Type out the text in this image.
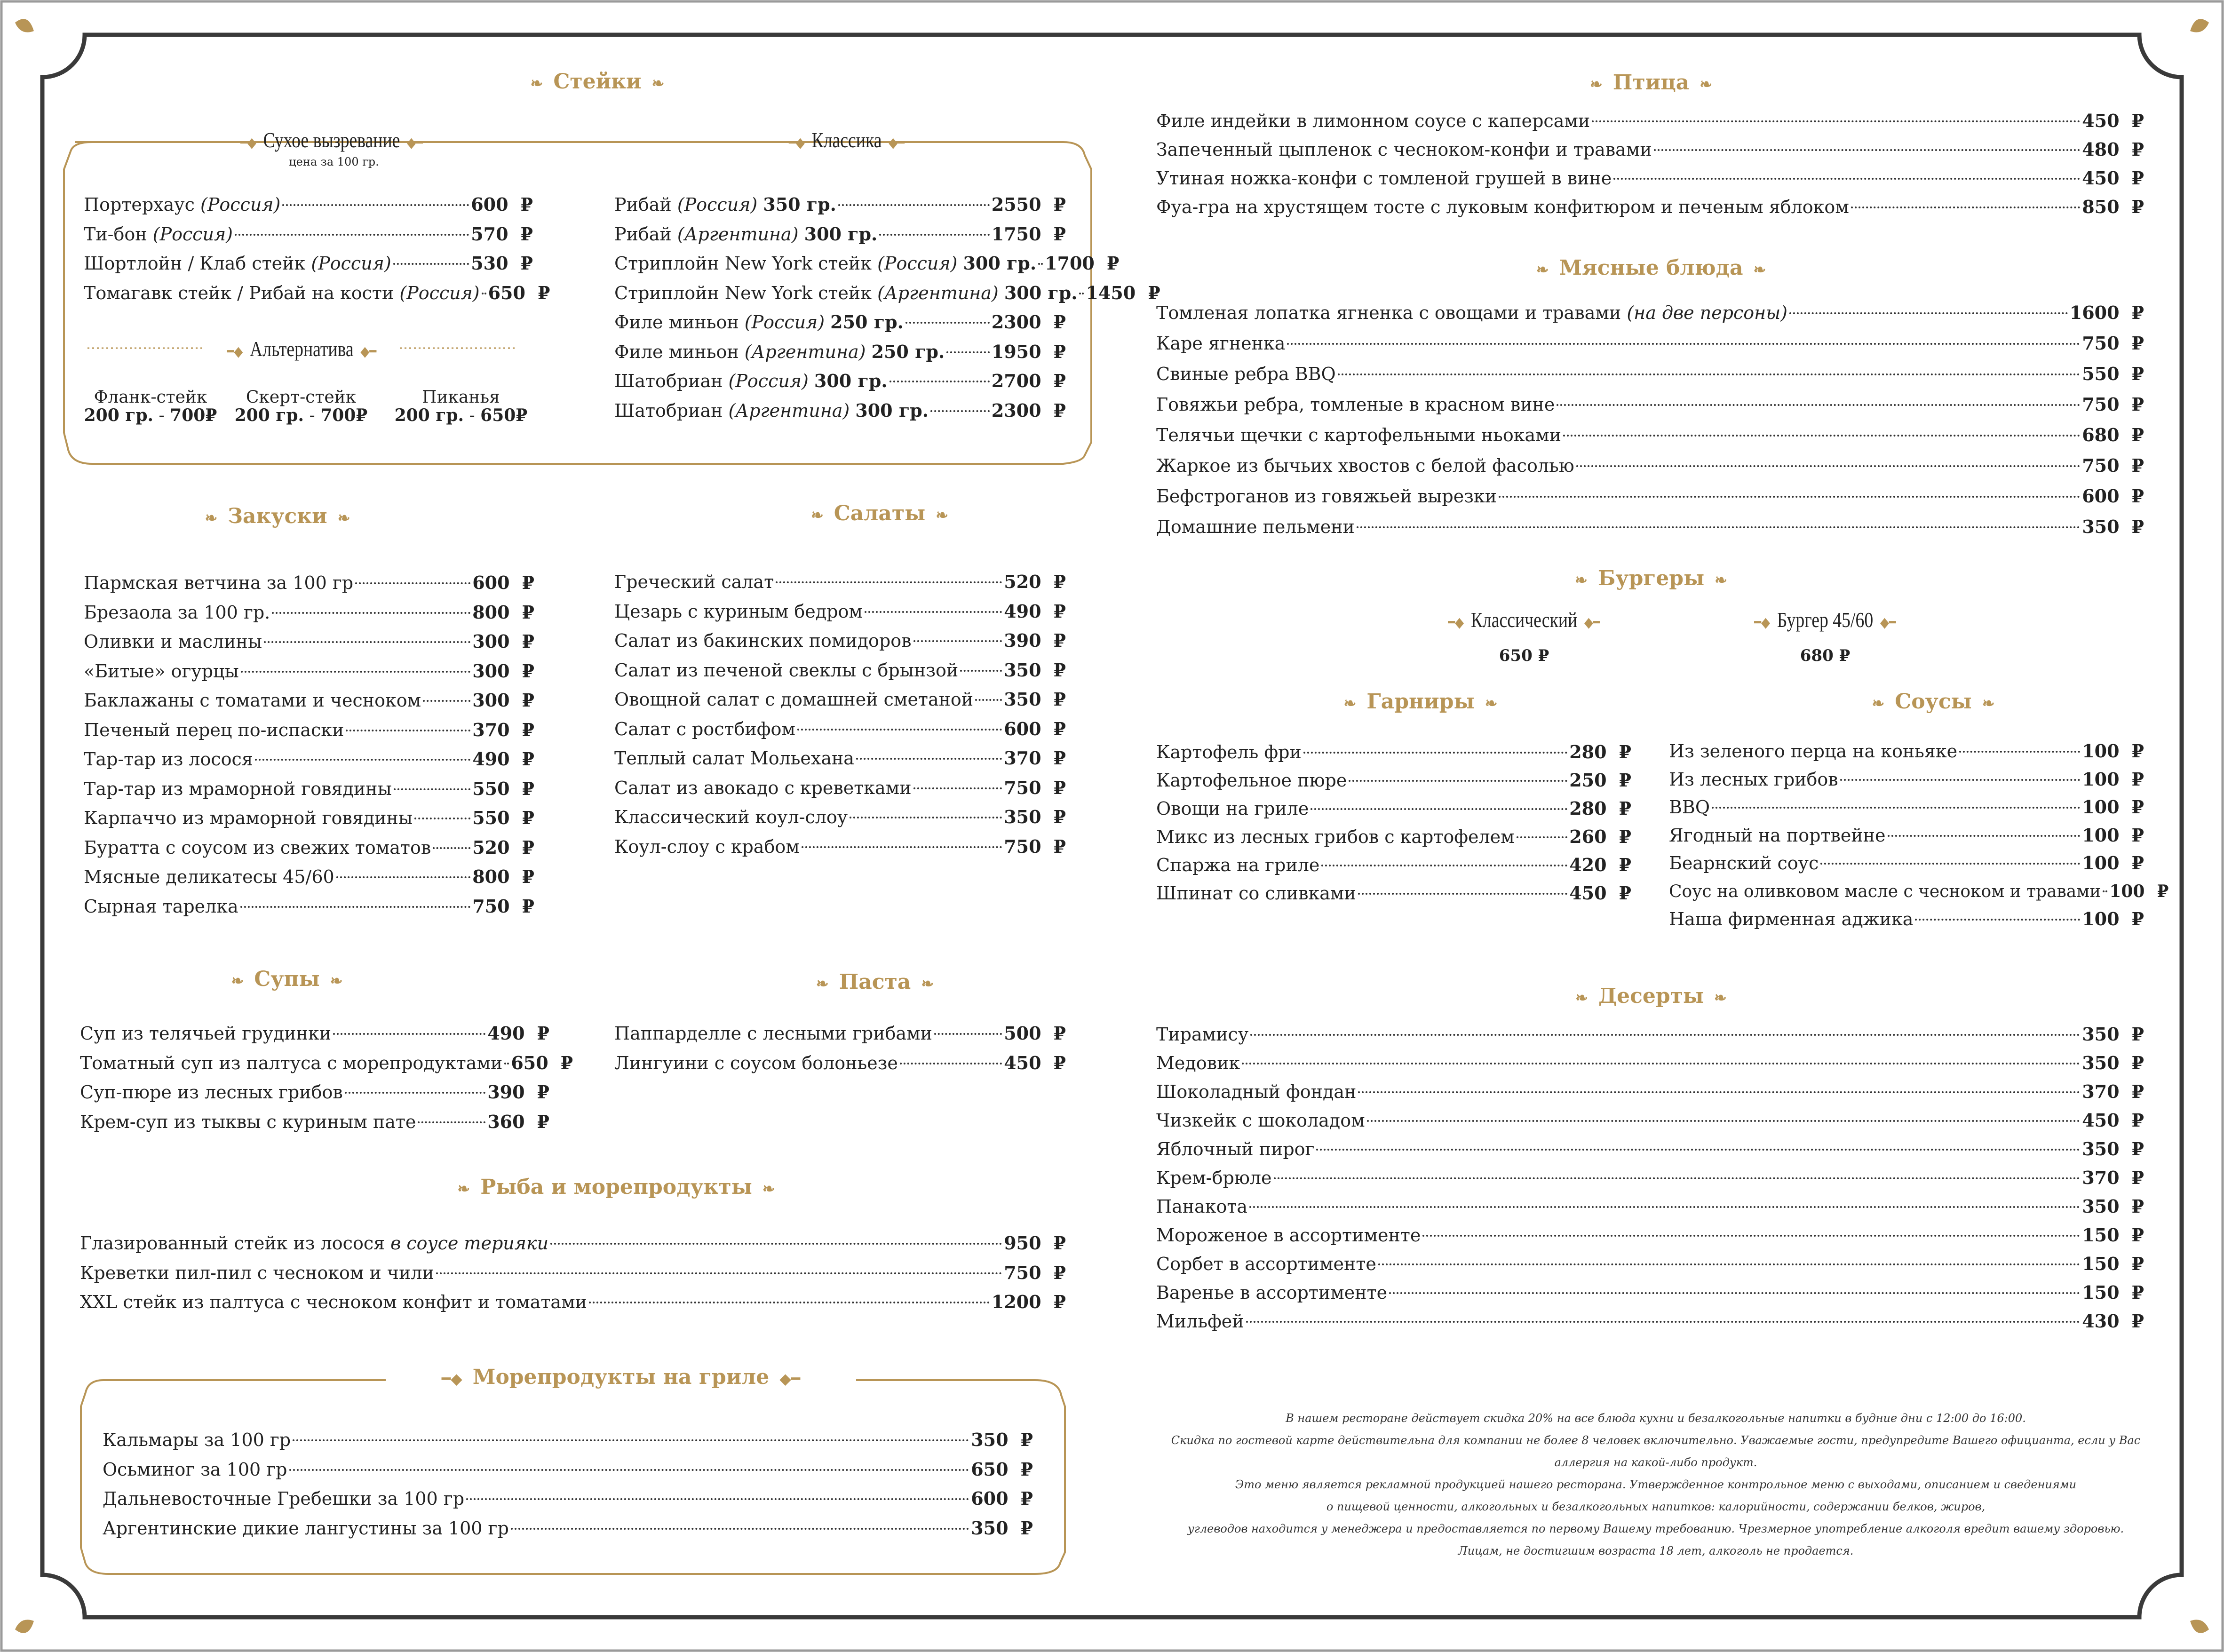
❧ Стейки ❧
━◆ Сухое вызревание ◆━
цена за 100 гр.
━◆ Классика ◆━
Портерхаус (Россия)	600 ₽
Ти-бон (Россия)	570 ₽
Шортлойн / Клаб стейк (Россия)	530 ₽
Томагавк стейк / Рибай на кости (Россия) 650 ₽
━◆ Альтернатива ◆━
Фланк-стейк
200 гр. - 700₽
Скерт-стейк
200 гр. - 700₽
Пиканья
200 гр. - 650₽
Рибай (Россия) 350 гр.	2550 ₽
Рибай (Аргентина) 300 гр.	1750 ₽
Стриплойн New York стейк (Россия) 300 гр. 1700 ₽
Стриплойн New York стейк (Аргентина) 300 гр. 1450 ₽
Филе миньон (Россия) 250 гр.	2300 ₽
Филе миньон (Аргентина) 250 гр.	1950 ₽
Шатобриан (Россия) 300 гр.	2700 ₽
Шатобриан (Аргентина) 300 гр.	2300 ₽
❧ Закуски ❧
Пармская ветчина за 100 гр	600 ₽
Брезаола за 100 гр.	800 ₽
Оливки и маслины	300 ₽
«Битые» огурцы	300 ₽
Баклажаны с томатами и чесноком	300 ₽
Печеный перец по-испаски	370 ₽
Тар-тар из лосося	490 ₽
Тар-тар из мраморной говядины	550 ₽
Карпаччо из мраморной говядины	550 ₽
Буратта с соусом из свежих томатов 520 ₽
Мясные деликатесы 45/60	800 ₽
Сырная тарелка	750 ₽
❧ Салаты ❧
Греческий салат	520 ₽
Цезарь с куриным бедром	490 ₽
Салат из бакинских помидоров	390 ₽
Салат из печеной свеклы с брынзой	350 ₽
Овощной салат с домашней сметаной 350 ₽
Салат с ростбифом	600 ₽
Теплый салат Мольехана	370 ₽
Салат из авокадо с креветками	750 ₽
Классический коул-слоу	350 ₽
Коул-слоу с крабом	750 ₽
❧ Супы ❧
Суп из телячьей грудинки	490 ₽
Томатный суп из палтуса с морепродуктами 650 ₽
Суп-пюре из лесных грибов	390 ₽
Крем-суп из тыквы с куриным пате	360 ₽
❧ Паста ❧
Паппарделле с лесными грибами	500 ₽
Лингуини с соусом болоньезе	450 ₽
❧ Рыба и морепродукты ❧
Глазированный стейк из лосося в соусе терияки	950 ₽
Креветки пил-пил с чесноком и чили	750 ₽
XXL стейк из палтуса с чесноком конфит и томатами	1200 ₽
━◆ Морепродукты на гриле ◆━
Кальмары за 100 гр	350 ₽
Осьминог за 100 гр	650 ₽
Дальневосточные Гребешки за 100 гр	600 ₽
Аргентинские дикие лангустины за 100 гр	350 ₽
❧ Птица ❧
Филе индейки в лимонном соусе с каперсами	450 ₽
Запеченный цыпленок с чесноком-конфи и травами	480 ₽
Утиная ножка-конфи с томленой грушей в вине	450 ₽
Фуа-гра на хрустящем тосте с луковым конфитюром и печеным яблоком	850 ₽
❧ Мясные блюда ❧
Томленая лопатка ягненка с овощами и травами (на две персоны)	1600 ₽
Каре ягненка	750 ₽
Свиные ребра BBQ	550 ₽
Говяжьи ребра, томленые в красном вине	750 ₽
Телячьи щечки с картофельными ньоками	680 ₽
Жаркое из бычьих хвостов с белой фасолью	750 ₽
Бефстроганов из говяжьей вырезки	600 ₽
Домашние пельмени	350 ₽
❧ Бургеры ❧
━◆ Классический ◆━
650 ₽
━◆ Бургер 45/60 ◆━
680 ₽
❧ Гарниры ❧
Картофель фри	280 ₽
Картофельное пюре	250 ₽
Овощи на гриле	280 ₽
Микс из лесных грибов с картофелем	260 ₽
Спаржа на гриле	420 ₽
Шпинат со сливками	450 ₽
❧ Соусы ❧
Из зеленого перца на коньяке	100 ₽
Из лесных грибов	100 ₽
BBQ	100 ₽
Ягодный на портвейне	100 ₽
Беарнский соус	100 ₽
Соус на оливковом масле с чесноком и травами 100 ₽
Наша фирменная аджика	100 ₽
❧ Десерты ❧
Тирамису	350 ₽
Медовик	350 ₽
Шоколадный фондан	370 ₽
Чизкейк с шоколадом	450 ₽
Яблочный пирог	350 ₽
Крем-брюле	370 ₽
Панакота	350 ₽
Мороженое в ассортименте	150 ₽
Сорбет в ассортименте	150 ₽
Варенье в ассортименте	150 ₽
Мильфей	430 ₽
В нашем ресторане действует скидка 20% на все блюда кухни и безалкогольные напитки в будние дни с 12:00 до 16:00.
Скидка по гостевой карте действительна для компании не более 8 человек включительно. Уважаемые гости, предупредите Вашего официанта, если у Вас аллергия на какой-либо продукт.
Это меню является рекламной продукцией нашего ресторана. Утвержденное контрольное меню с выходами, описанием и сведениями
о пищевой ценности, алкогольных и безалкогольных напитков: калорийности, содержании белков, жиров,
углеводов находится у менеджера и предоставляется по первому Вашему требованию. Чрезмерное употребление алкоголя вредит вашему здоровью.
Лицам, не достигшим возраста 18 лет, алкоголь не продается.
